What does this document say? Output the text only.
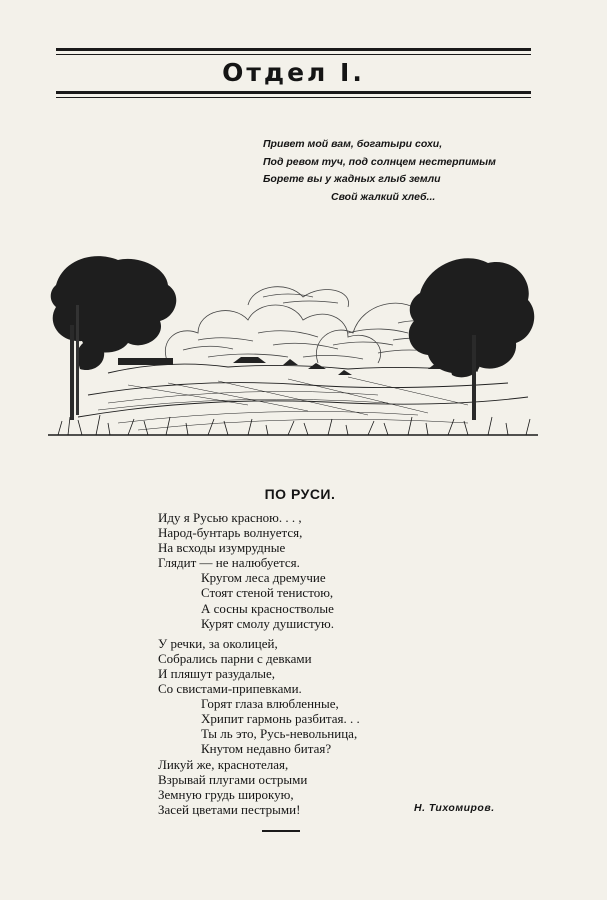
Отдел I.
Привет мой вам, богатыри сохи,
Под ревом туч, под солнцем нестерпимым
Борете вы у жадных глыб земли
Свой жалкий хлеб...
ПО РУСИ.
Иду я Русью красною. . . ,
Народ-бунтарь волнуется,
На всходы изумрудные
Глядит — не налюбуется.
Кругом леса дремучие
Стоят стеной тенистою,
А сосны красностволые
Курят смолу душистую.
У речки, за околицей,
Собрались парни с девками
И пляшут разудалые,
Со свистами-припевками.
Горят глаза влюбленные,
Хрипит гармонь разбитая. . .
Ты ль это, Русь-невольница,
Кнутом недавно битая?
Ликуй же, краснотелая,
Взрывай плугами острыми
Земную грудь широкую,
Засей цветами пестрыми!	Н. Тихомиров.
